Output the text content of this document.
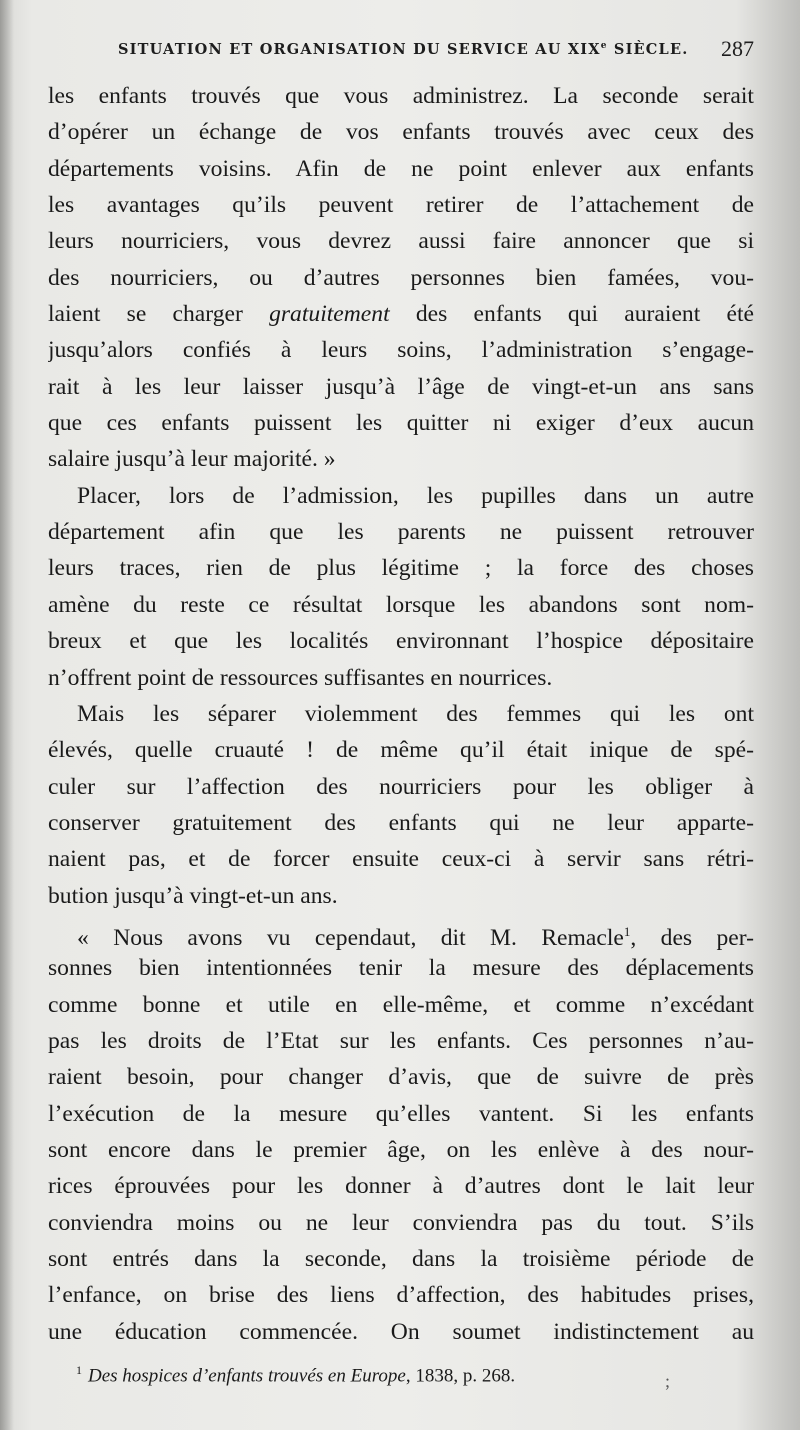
SITUATION ET ORGANISATION DU SERVICE AU XIXe SIÈCLE. 287
les enfants trouvés que vous administrez. La seconde serait
d’opérer un échange de vos enfants trouvés avec ceux des
départements voisins. Afin de ne point enlever aux enfants
les avantages qu’ils peuvent retirer de l’attachement de
leurs nourriciers, vous devrez aussi faire annoncer que si
des nourriciers, ou d’autres personnes bien famées, vou-
laient se charger gratuitement des enfants qui auraient été
jusqu’alors confiés à leurs soins, l’administration s’engage-
rait à les leur laisser jusqu’à l’âge de vingt-et-un ans sans
que ces enfants puissent les quitter ni exiger d’eux aucun
salaire jusqu’à leur majorité. »
Placer, lors de l’admission, les pupilles dans un autre
département afin que les parents ne puissent retrouver
leurs traces, rien de plus légitime ; la force des choses
amène du reste ce résultat lorsque les abandons sont nom-
breux et que les localités environnant l’hospice dépositaire
n’offrent point de ressources suffisantes en nourrices.
Mais les séparer violemment des femmes qui les ont
élevés, quelle cruauté ! de même qu’il était inique de spé-
culer sur l’affection des nourriciers pour les obliger à
conserver gratuitement des enfants qui ne leur apparte-
naient pas, et de forcer ensuite ceux-ci à servir sans rétri-
bution jusqu’à vingt-et-un ans.
« Nous avons vu cependaut, dit M. Remacle$^1$, des per-
sonnes bien intentionnées tenir la mesure des déplacements
comme bonne et utile en elle-même, et comme n’excédant
pas les droits de l’Etat sur les enfants. Ces personnes n’au-
raient besoin, pour changer d’avis, que de suivre de près
l’exécution de la mesure qu’elles vantent. Si les enfants
sont encore dans le premier âge, on les enlève à des nour-
rices éprouvées pour les donner à d’autres dont le lait leur
conviendra moins ou ne leur conviendra pas du tout. S’ils
sont entrés dans la seconde, dans la troisième période de
l’enfance, on brise des liens d’affection, des habitudes prises,
une éducation commencée. On soumet indistinctement au
$^1$ Des hospices d’enfants trouvés en Europe, 1838, p. 268.	;
